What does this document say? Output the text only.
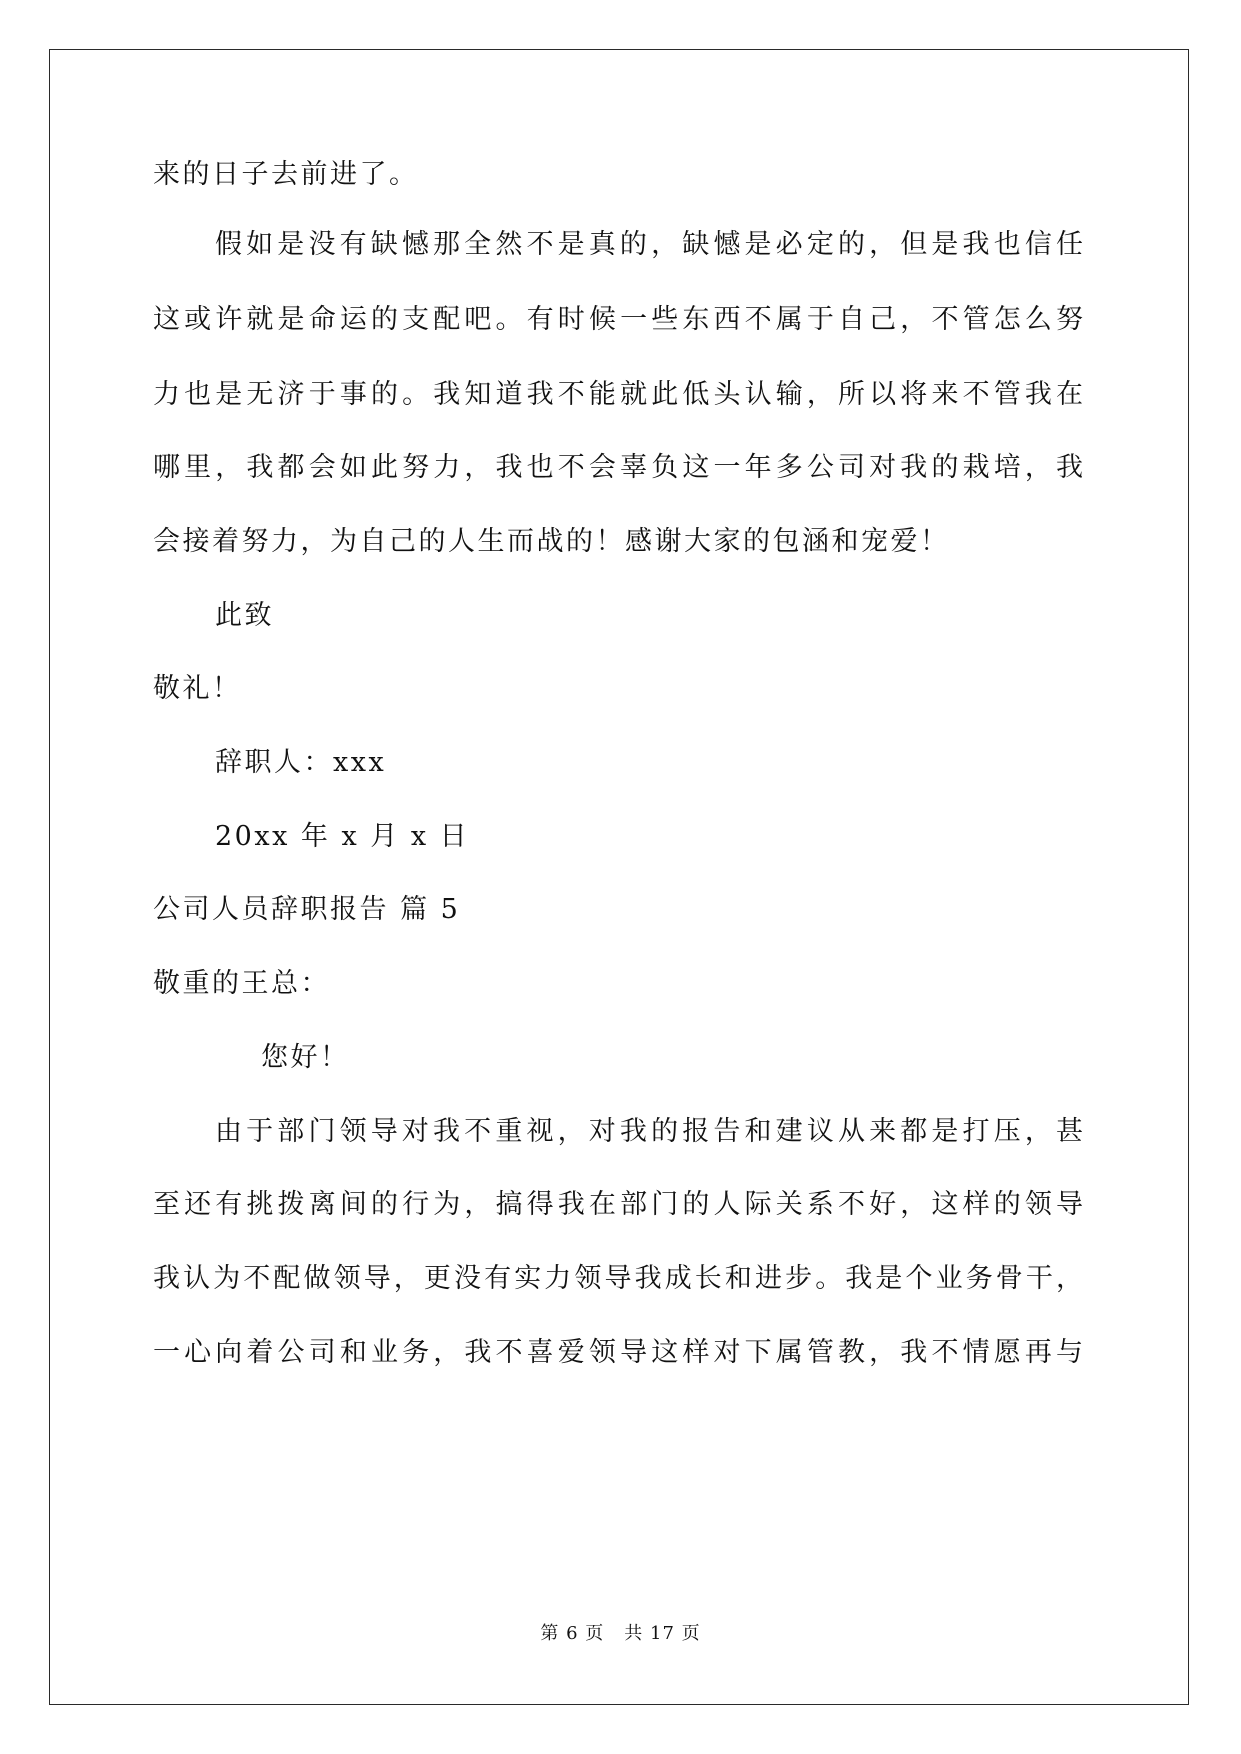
来的日子去前进了。

假如是没有缺憾那全然不是真的，缺憾是必定的，但是我也信任

这或许就是命运的支配吧。有时候一些东西不属于自己，不管怎么努

力也是无济于事的。我知道我不能就此低头认输，所以将来不管我在

哪里，我都会如此努力，我也不会辜负这一年多公司对我的栽培，我

会接着努力，为自己的人生而战的！感谢大家的包涵和宠爱！

此致

敬礼！

辞职人：xxx

20xx 年 x 月 x 日

公司人员辞职报告 篇 5

敬重的王总：

您好！

由于部门领导对我不重视，对我的报告和建议从来都是打压，甚

至还有挑拨离间的行为，搞得我在部门的人际关系不好，这样的领导

我认为不配做领导，更没有实力领导我成长和进步。我是个业务骨干，

一心向着公司和业务，我不喜爱领导这样对下属管教，我不情愿再与

第 6 页 共 17 页
